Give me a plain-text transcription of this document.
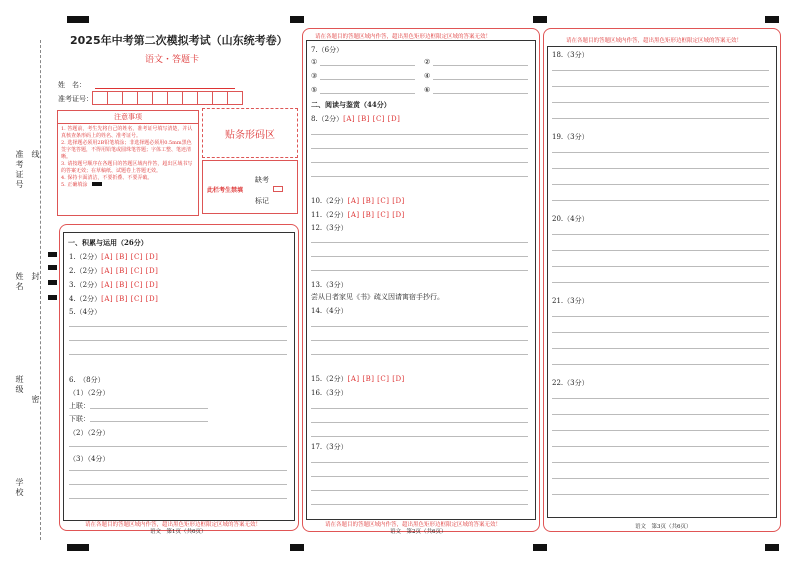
准考证号 线
姓名 封
班级
密
学校
2025年中考第二次模拟考试（山东统考卷）
语文・答题卡
姓　名：
准考证号：
注意事项
1. 答题前，考生先将自己的姓名，准考证号填写清楚，并认真核查条形码上的姓名、准考证号。
2. 选择题必须用2B铅笔填涂；非选择题必须用0.5mm黑色签字笔答题，不得用铅笔或圆珠笔答题；字体工整、笔迹清晰。
3. 请按题号顺序在各题目的答题区域内作答，超出区域书写的答案无效；在草稿纸、试题卷上答题无效。
4. 保持卡面清洁，不要折叠、不要弄破。
5. 正确填涂
贴条形码区
缺考
此栏考生禁填
标记
一、积累与运用（26分）
1.（2分）[A] [B] [C] [D]
2.（2分）[A] [B] [C] [D]
3.（2分）[A] [B] [C] [D]
4.（2分）[A] [B] [C] [D]
5.（4分）
6.　（8分）
（1）（2分）
上联：
下联：
（2）（2分）
（3）（4分）
请在各题目的答题区域内作答，超出黑色矩形边框限定区域的答案无效！
语文　第1页（共6页）
请在各题目的答题区域内作答，超出黑色矩形边框限定区域的答案无效！
7.（6分）
①	②
③	④
⑤	⑥
二、阅读与鉴赏（44分）
8.（2分）[A] [B] [C] [D]
10.（2分）[A] [B] [C] [D]
11.（2分）[A] [B] [C] [D]
12.（3分）
13.（3分）
尝从日者家见《书》疏义因请寓宿手抄行。
14.（4分）
15.（2分）[A] [B] [C] [D]
16.（3分）
17.（3分）
请在各题目的答题区域内作答，超出黑色矩形边框限定区域的答案无效！
语文　第2页（共6页）
请在各题目的答题区域内作答，超出黑色矩形边框限定区域的答案无效！
18.（3分）
19.（3分）
20.（4分）
21.（3分）
22.（3分）
语文　第3页（共6页）
